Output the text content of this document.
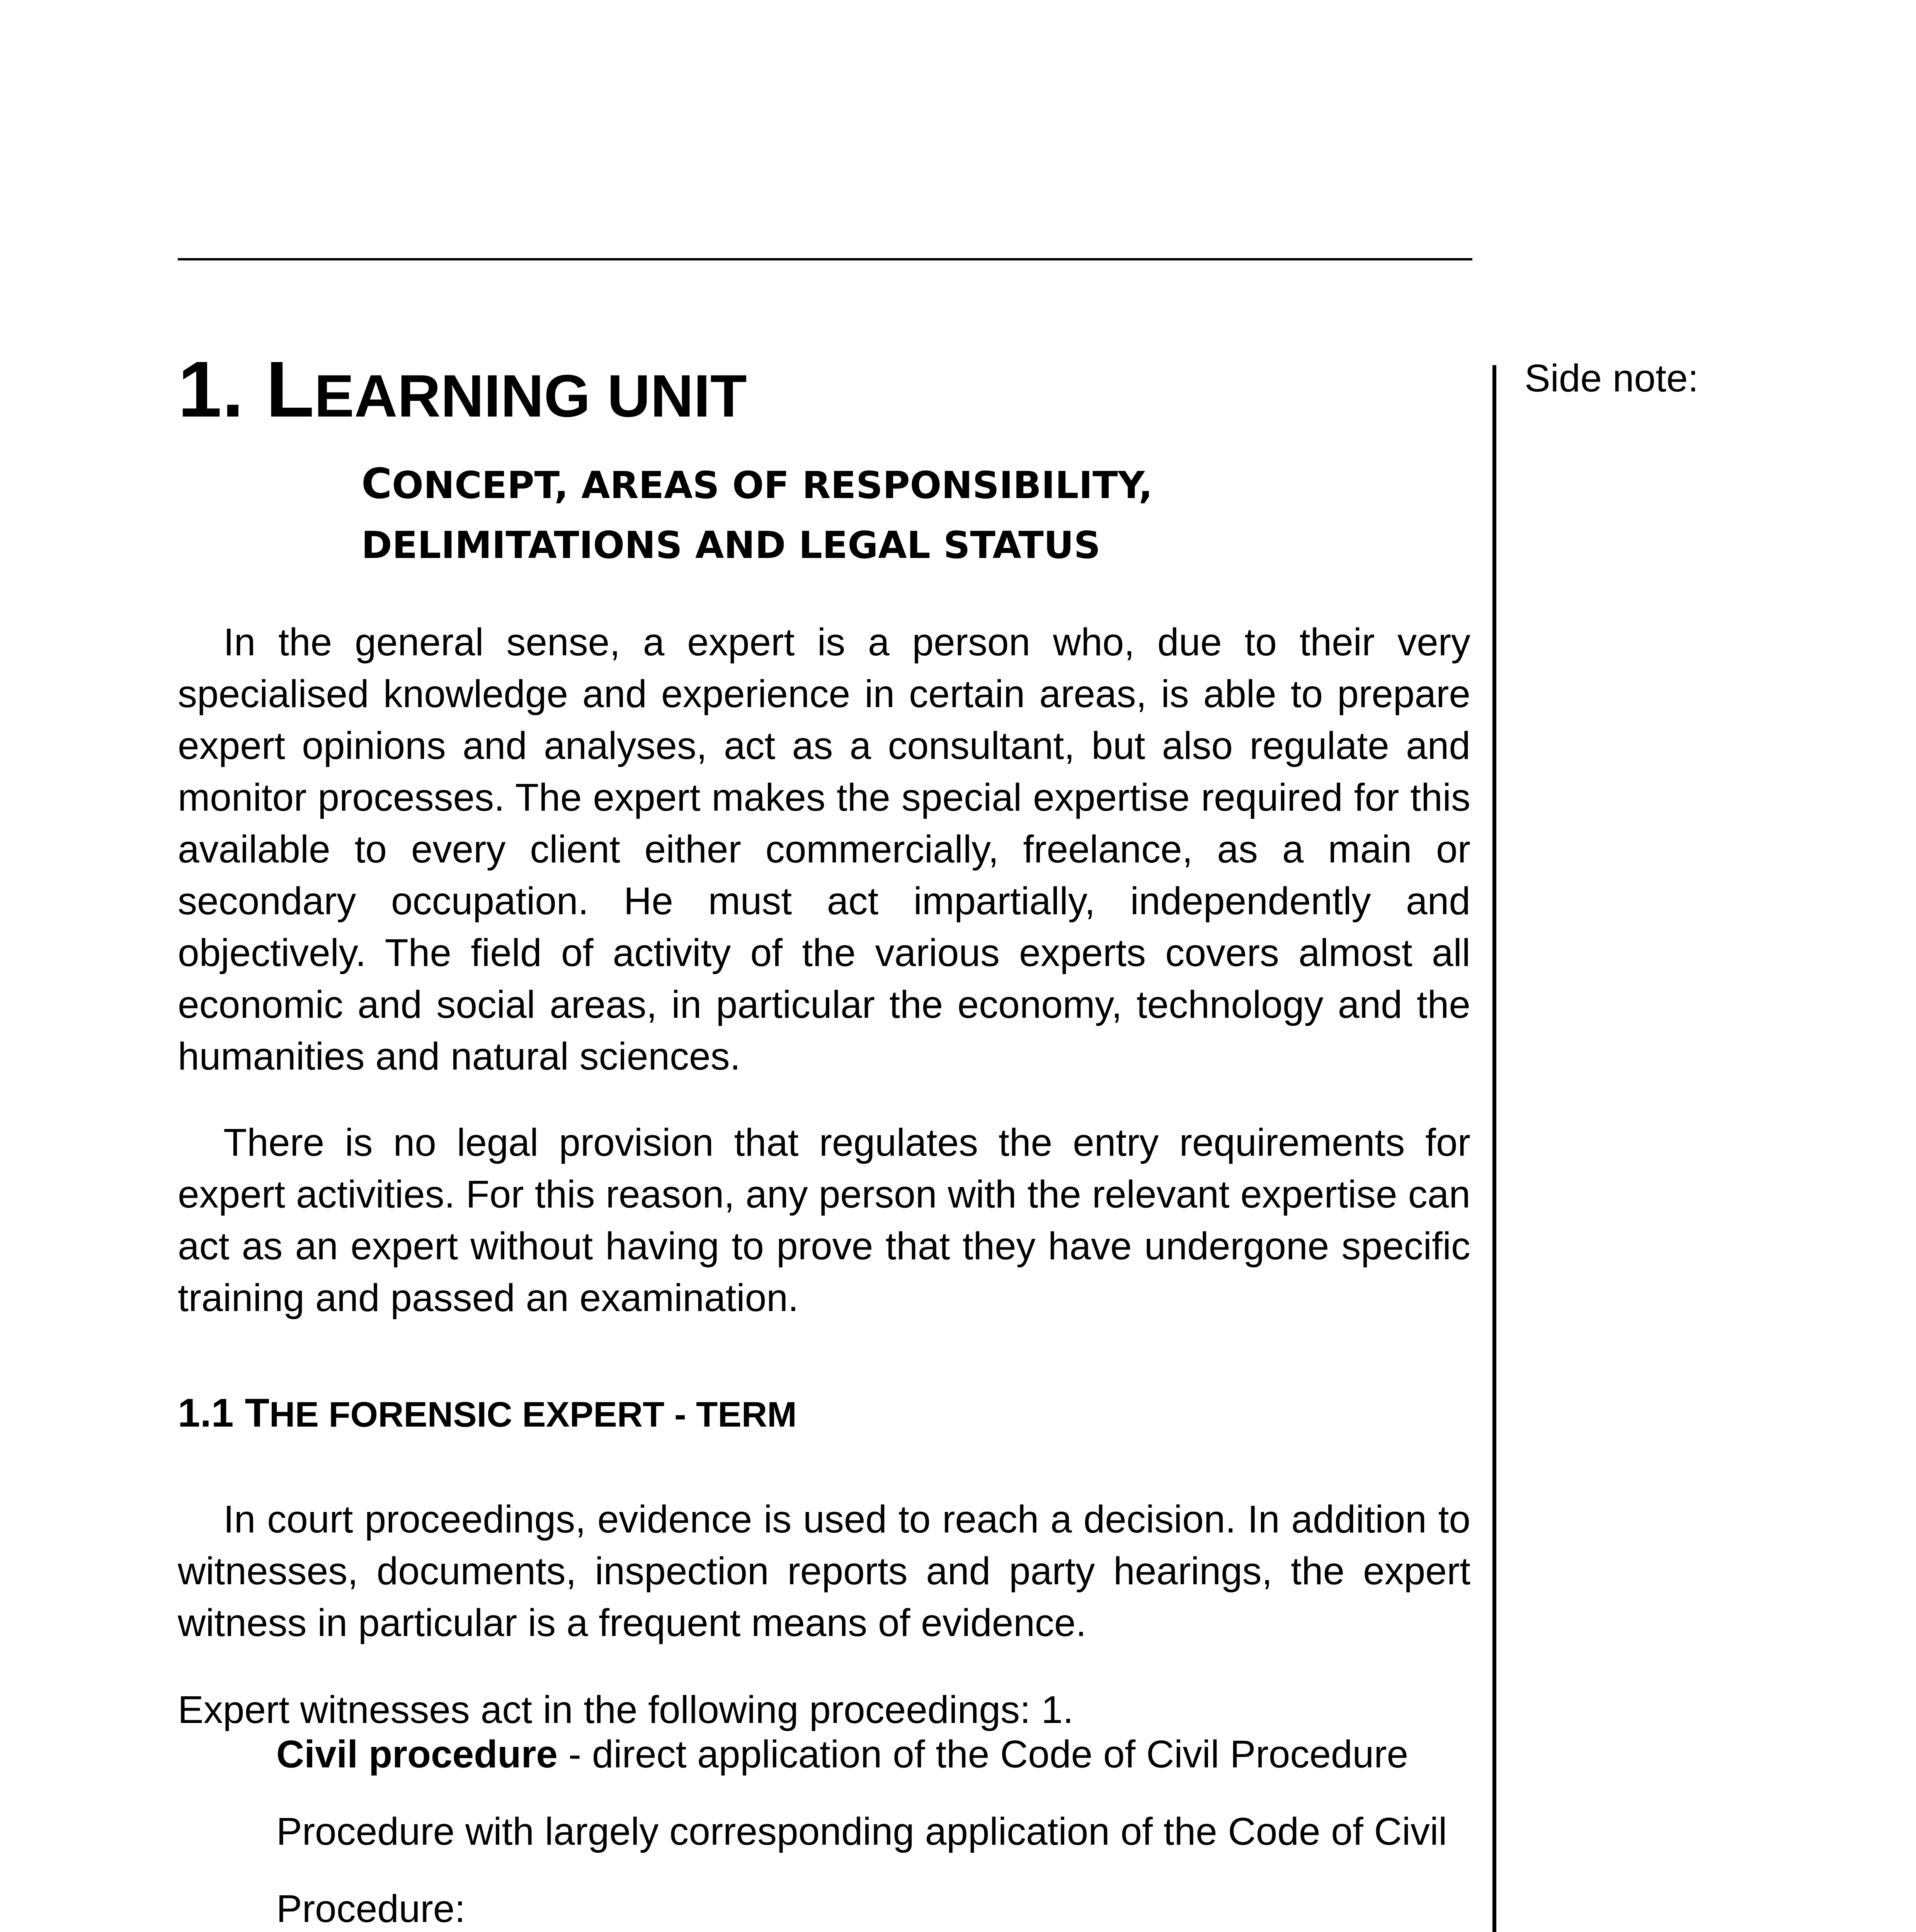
Side note:
1. LEARNING UNIT
CONCEPT, AREAS OF RESPONSIBILITY,
DELIMITATIONS AND LEGAL STATUS

In the general sense, a expert is a person who, due to their very specialised knowledge and experience in certain areas, is able to prepare expert opinions and analyses, act as a consultant, but also regulate and monitor processes. The expert makes the special expertise required for this available to every client either commercially, freelance, as a main or secondary occupation. He must act impartially, independently and objectively. The field of activity of the various experts covers almost all economic and social areas, in particular the economy, technology and the humanities and natural sciences.

There is no legal provision that regulates the entry requirements for expert activities. For this reason, any person with the relevant expertise can act as an expert without having to prove that they have undergone specific training and passed an examination.

1.1 THE FORENSIC EXPERT - TERM

In court proceedings, evidence is used to reach a decision. In addition to witnesses, documents, inspection reports and party hearings, the expert witness in particular is a frequent means of evidence.

Expert witnesses act in the following proceedings: 1.
Civil procedure - direct application of the Code of Civil Procedure
Procedure with largely corresponding application of the Code of Civil
Procedure:
